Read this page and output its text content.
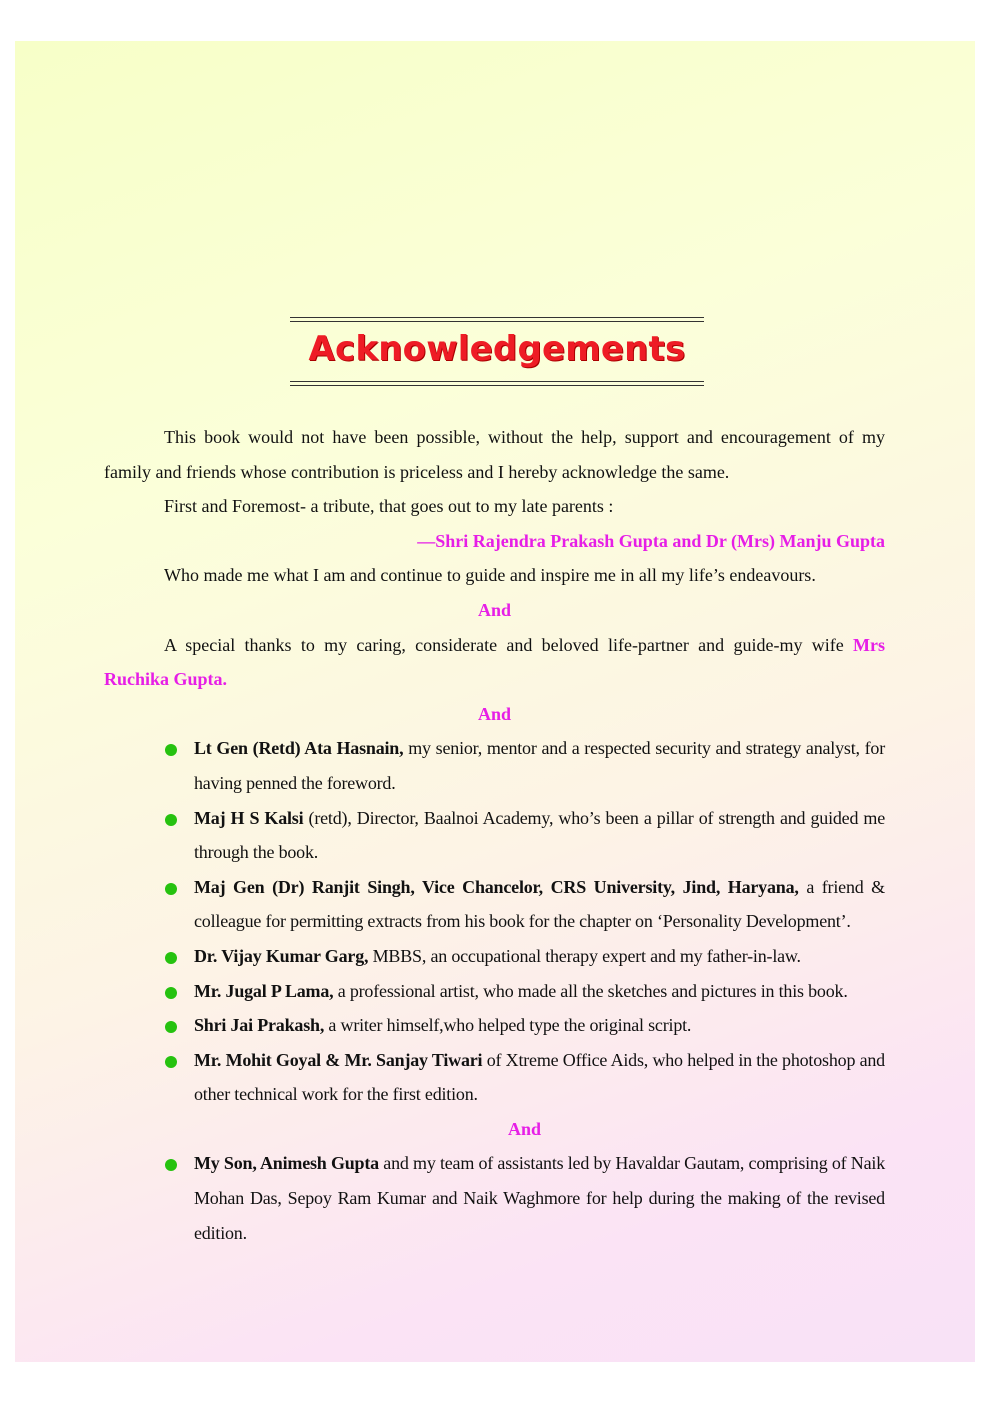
Acknowledgements

This book would not have been possible, without the help, support and encouragement of my family and friends whose contribution is priceless and I hereby acknowledge the same.

First and Foremost- a tribute, that goes out to my late parents :

—Shri Rajendra Prakash Gupta and Dr (Mrs) Manju Gupta

Who made me what I am and continue to guide and inspire me in all my life’s endeavours.

And

A special thanks to my caring, considerate and beloved life-partner and guide-my wife Mrs Ruchika Gupta.

And

Lt Gen (Retd) Ata Hasnain, my senior, mentor and a respected security and strategy analyst, for having penned the foreword.
Maj H S Kalsi (retd), Director, Baalnoi Academy, who’s been a pillar of strength and guided me through the book.
Maj Gen (Dr) Ranjit Singh, Vice Chancelor, CRS University, Jind, Haryana, a friend & colleague for permitting extracts from his book for the chapter on ‘Personality Development’.
Dr. Vijay Kumar Garg, MBBS, an occupational therapy expert and my father-in-law.
Mr. Jugal P Lama, a professional artist, who made all the sketches and pictures in this book.
Shri Jai Prakash, a writer himself,who helped type the original script.
Mr. Mohit Goyal & Mr. Sanjay Tiwari of Xtreme Office Aids, who helped in the photoshop and other technical work for the first edition.

And

My Son, Animesh Gupta and my team of assistants led by Havaldar Gautam, comprising of Naik Mohan Das, Sepoy Ram Kumar and Naik Waghmore for help during the making of the revised edition.
